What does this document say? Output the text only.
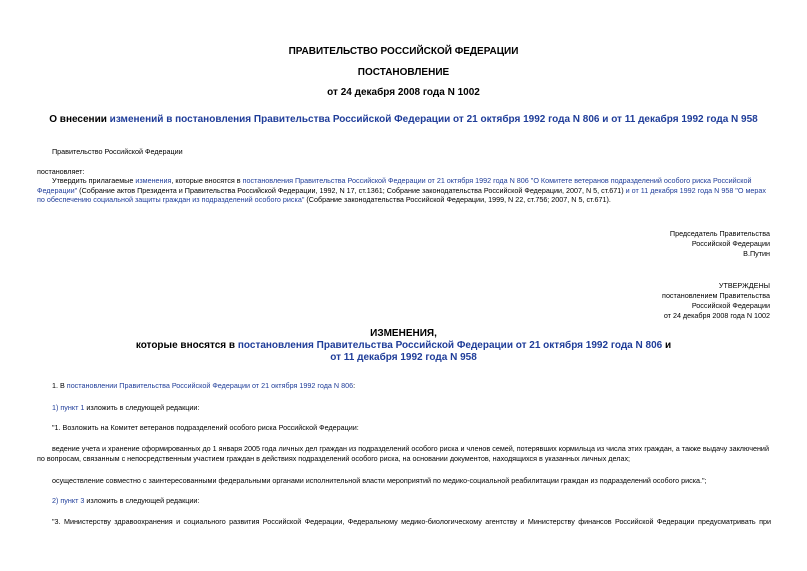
ПРАВИТЕЛЬСТВО РОССИЙСКОЙ ФЕДЕРАЦИИ
ПОСТАНОВЛЕНИЕ
от 24 декабря 2008 года N 1002
О внесении изменений в постановления Правительства Российской Федерации от 21 октября 1992 года N 806 и от 11 декабря 1992 года N 958
Правительство Российской Федерации
постановляет:
Утвердить прилагаемые изменения, которые вносятся в постановления Правительства Российской Федерации от 21 октября 1992 года N 806 "О Комитете ветеранов подразделений особого риска Российской Федерации" (Собрание актов Президента и Правительства Российской Федерации, 1992, N 17, ст.1361; Собрание законодательства Российской Федерации, 2007, N 5, ст.671) и от 11 декабря 1992 года N 958 "О мерах по обеспечению социальной защиты граждан из подразделений особого риска" (Собрание законодательства Российской Федерации, 1999, N 22, ст.756; 2007, N 5, ст.671).
Председатель Правительства
Российской Федерации
В.Путин
УТВЕРЖДЕНЫ
постановлением Правительства
Российской Федерации
от 24 декабря 2008 года N 1002
ИЗМЕНЕНИЯ,
которые вносятся в постановления Правительства Российской Федерации от 21 октября 1992 года N 806 и
от 11 декабря 1992 года N 958
1. В постановлении Правительства Российской Федерации от 21 октября 1992 года N 806:
1) пункт 1 изложить в следующей редакции:
"1. Возложить на Комитет ветеранов подразделений особого риска Российской Федерации:
ведение учета и хранение сформированных до 1 января 2005 года личных дел граждан из подразделений особого риска и членов семей, потерявших кормильца из числа этих граждан, а также выдачу заключений по вопросам, связанным с непосредственным участием граждан в действиях подразделений особого риска, на основании документов, находящихся в указанных личных делах;
осуществление совместно с заинтересованными федеральными органами исполнительной власти мероприятий по медико-социальной реабилитации граждан из подразделений особого риска.";
2) пункт 3 изложить в следующей редакции:
"3. Министерству здравоохранения и социального развития Российской Федерации, Федеральному медико-биологическому агентству и Министерству финансов Российской Федерации предусматривать при
